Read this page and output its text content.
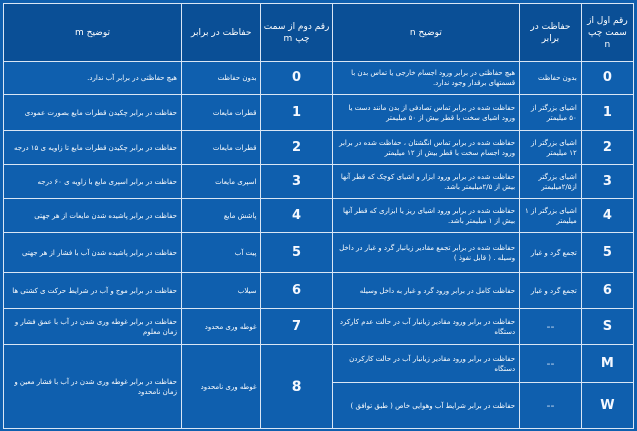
رقم اول از سمت چپ n	حفاظت در برابر	توضیح n	رقم دوم از سمت چپ m	حفاظت در برابر	توضیح m
0	بدون حفاظت	هیچ حفاظتی در برابر ورود اجسام خارجی یا تماس بدن با قسمتهای برقدار وجود ندارد.	0	بدون حفاظت	هیچ حفاظتی در برابر آب ندارد.
1	اشیای بزرگتر از ۵۰ میلیمتر	حفاظت شده در برابر تماس تصادفی از بدن مانند دست یا ورود اشیای سخت با قطر بیش از ۵۰ میلیمتر	1	قطرات مایعات	حفاظت در برابر چکیدن قطرات مایع بصورت عمودی
2	اشیای بزرگتر از ۱۲ میلیمتر	حفاظت شده در برابر تماس انگشتان ، حفاظت شده در برابر ورود اجسام سخت با قطر بیش از ۱۲ میلیمتر	2	قطرات مایعات	حفاظت در برابر چکیدن قطرات مایع تا زاویه ی ۱۵ درجه
3	اشیای بزرگتر از۲/۵میلیمتر	حفاظت شده در برابر ورود ابزار و اشیای کوچک که قطر آنها بیش از ۲/۵میلیمتر باشد.	3	اسپری مایعات	حفاظت در برابر اسپری مایع با زاویه ی ۶۰ درجه
4	اشیای بزرگتر از ۱ میلیمتر	حفاظت شده در برابر ورود اشیای ریز یا ابزاری که قطر آنها بیش از ۱ میلیمتر باشد.	4	پاشش مایع	حفاظت در برابر پاشیده شدن مایعات از هر جهتی
5	تجمع گرد و غبار	حفاظت شده در برابر تجمع مقادیر زیانبار گرد و غبار در داخل وسیله . ( قابل نفوذ )	5	پیت آب	حفاظت در برابر پاشیده شدن آب با فشار از هر جهتی
6	تجمع گرد و غبار	حفاظت کامل در برابر ورود گرد و غبار به داخل وسیله	6	سیلاب	حفاظت در برابر موج و آب در شرایط حرکت ی کشتی ها
S	--	حفاظت در برابر ورود مقادیر زیانبار آب در حالت عدم کارکرد دستگاه	7	غوطه وری محدود	حفاظت در برابر غوطه وری شدن در آب با عمق فشار و زمان معلوم
M	--	حفاظت در برابر ورود مقادیر زیانبار آب در حالت کارکردن دستگاه	8	غوطه وری نامحدود	حفاظت در برابر غوطه وری شدن در آب با فشار معین و زمان نامحدود
W	--	حفاظت در برابر شرایط آب وهوایی خاص ( طبق توافق )			
